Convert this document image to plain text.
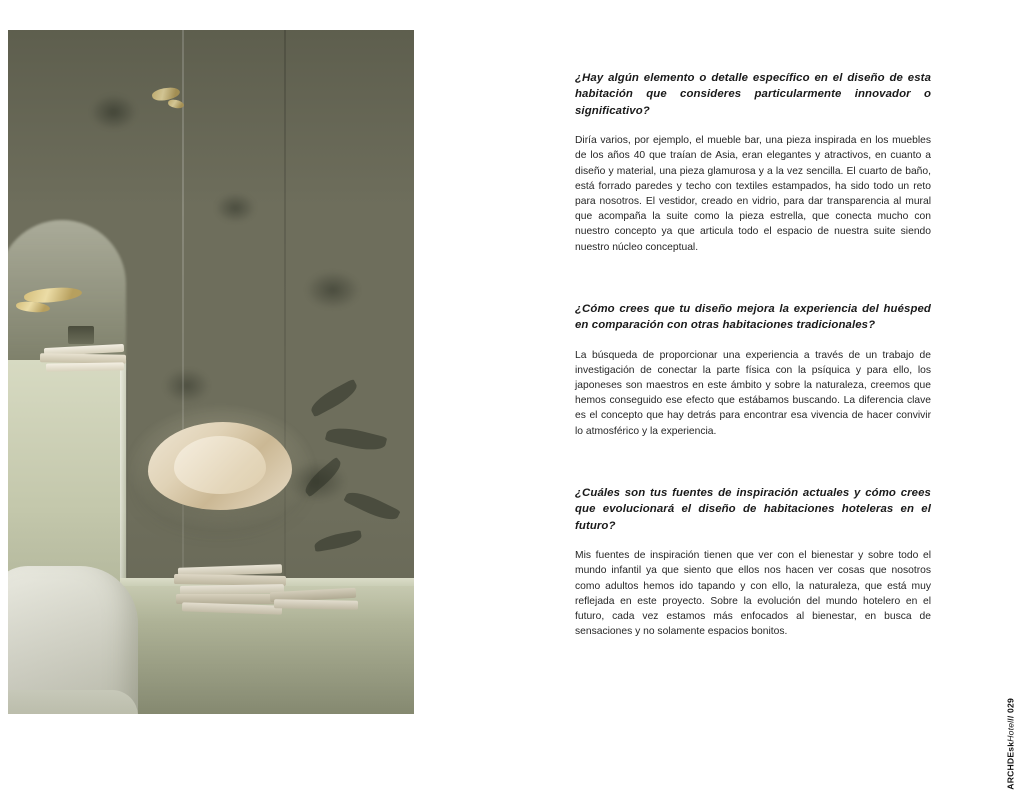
¿Hay algún elemento o detalle específico en el diseño de esta habitación que consideres particularmente innovador o significativo?

Diría varios, por ejemplo, el mueble bar, una pieza inspirada en los muebles de los años 40 que traían de Asia, eran elegantes y atractivos, en cuanto a diseño y material, una pieza glamurosa y a la vez sencilla. El cuarto de baño, está forrado paredes y techo con textiles estampados, ha sido todo un reto para nosotros. El vestidor, creado en vidrio, para dar transparencia al mural que acompaña la suite como la pieza estrella, que conecta mucho con nuestro concepto ya que articula todo el espacio de nuestra suite siendo nuestro núcleo conceptual.

¿Cómo crees que tu diseño mejora la experiencia del huésped en comparación con otras habitaciones tradicionales?

La búsqueda de proporcionar una experiencia a través de un trabajo de investigación de conectar la parte física con la psíquica y para ello, los japoneses son maestros en este ámbito y sobre la naturaleza, creemos que hemos conseguido ese efecto que estábamos buscando. La diferencia clave es el concepto que hay detrás para encontrar esa vivencia de hacer convivir lo atmosférico y la experiencia.

¿Cuáles son tus fuentes de inspiración actuales y cómo crees que evolucionará el diseño de habitaciones hoteleras en el futuro?

Mis fuentes de inspiración tienen que ver con el bienestar y sobre todo el mundo infantil ya que siento que ellos nos hacen ver cosas que nosotros como adultos hemos ido tapando y con ello, la naturaleza, que está muy reflejada en este proyecto. Sobre la evolución del mundo hotelero en el futuro, cada vez estamos más enfocados al bienestar, en busca de sensaciones y no solamente espacios bonitos.

ARCHDEskHotel// 029
